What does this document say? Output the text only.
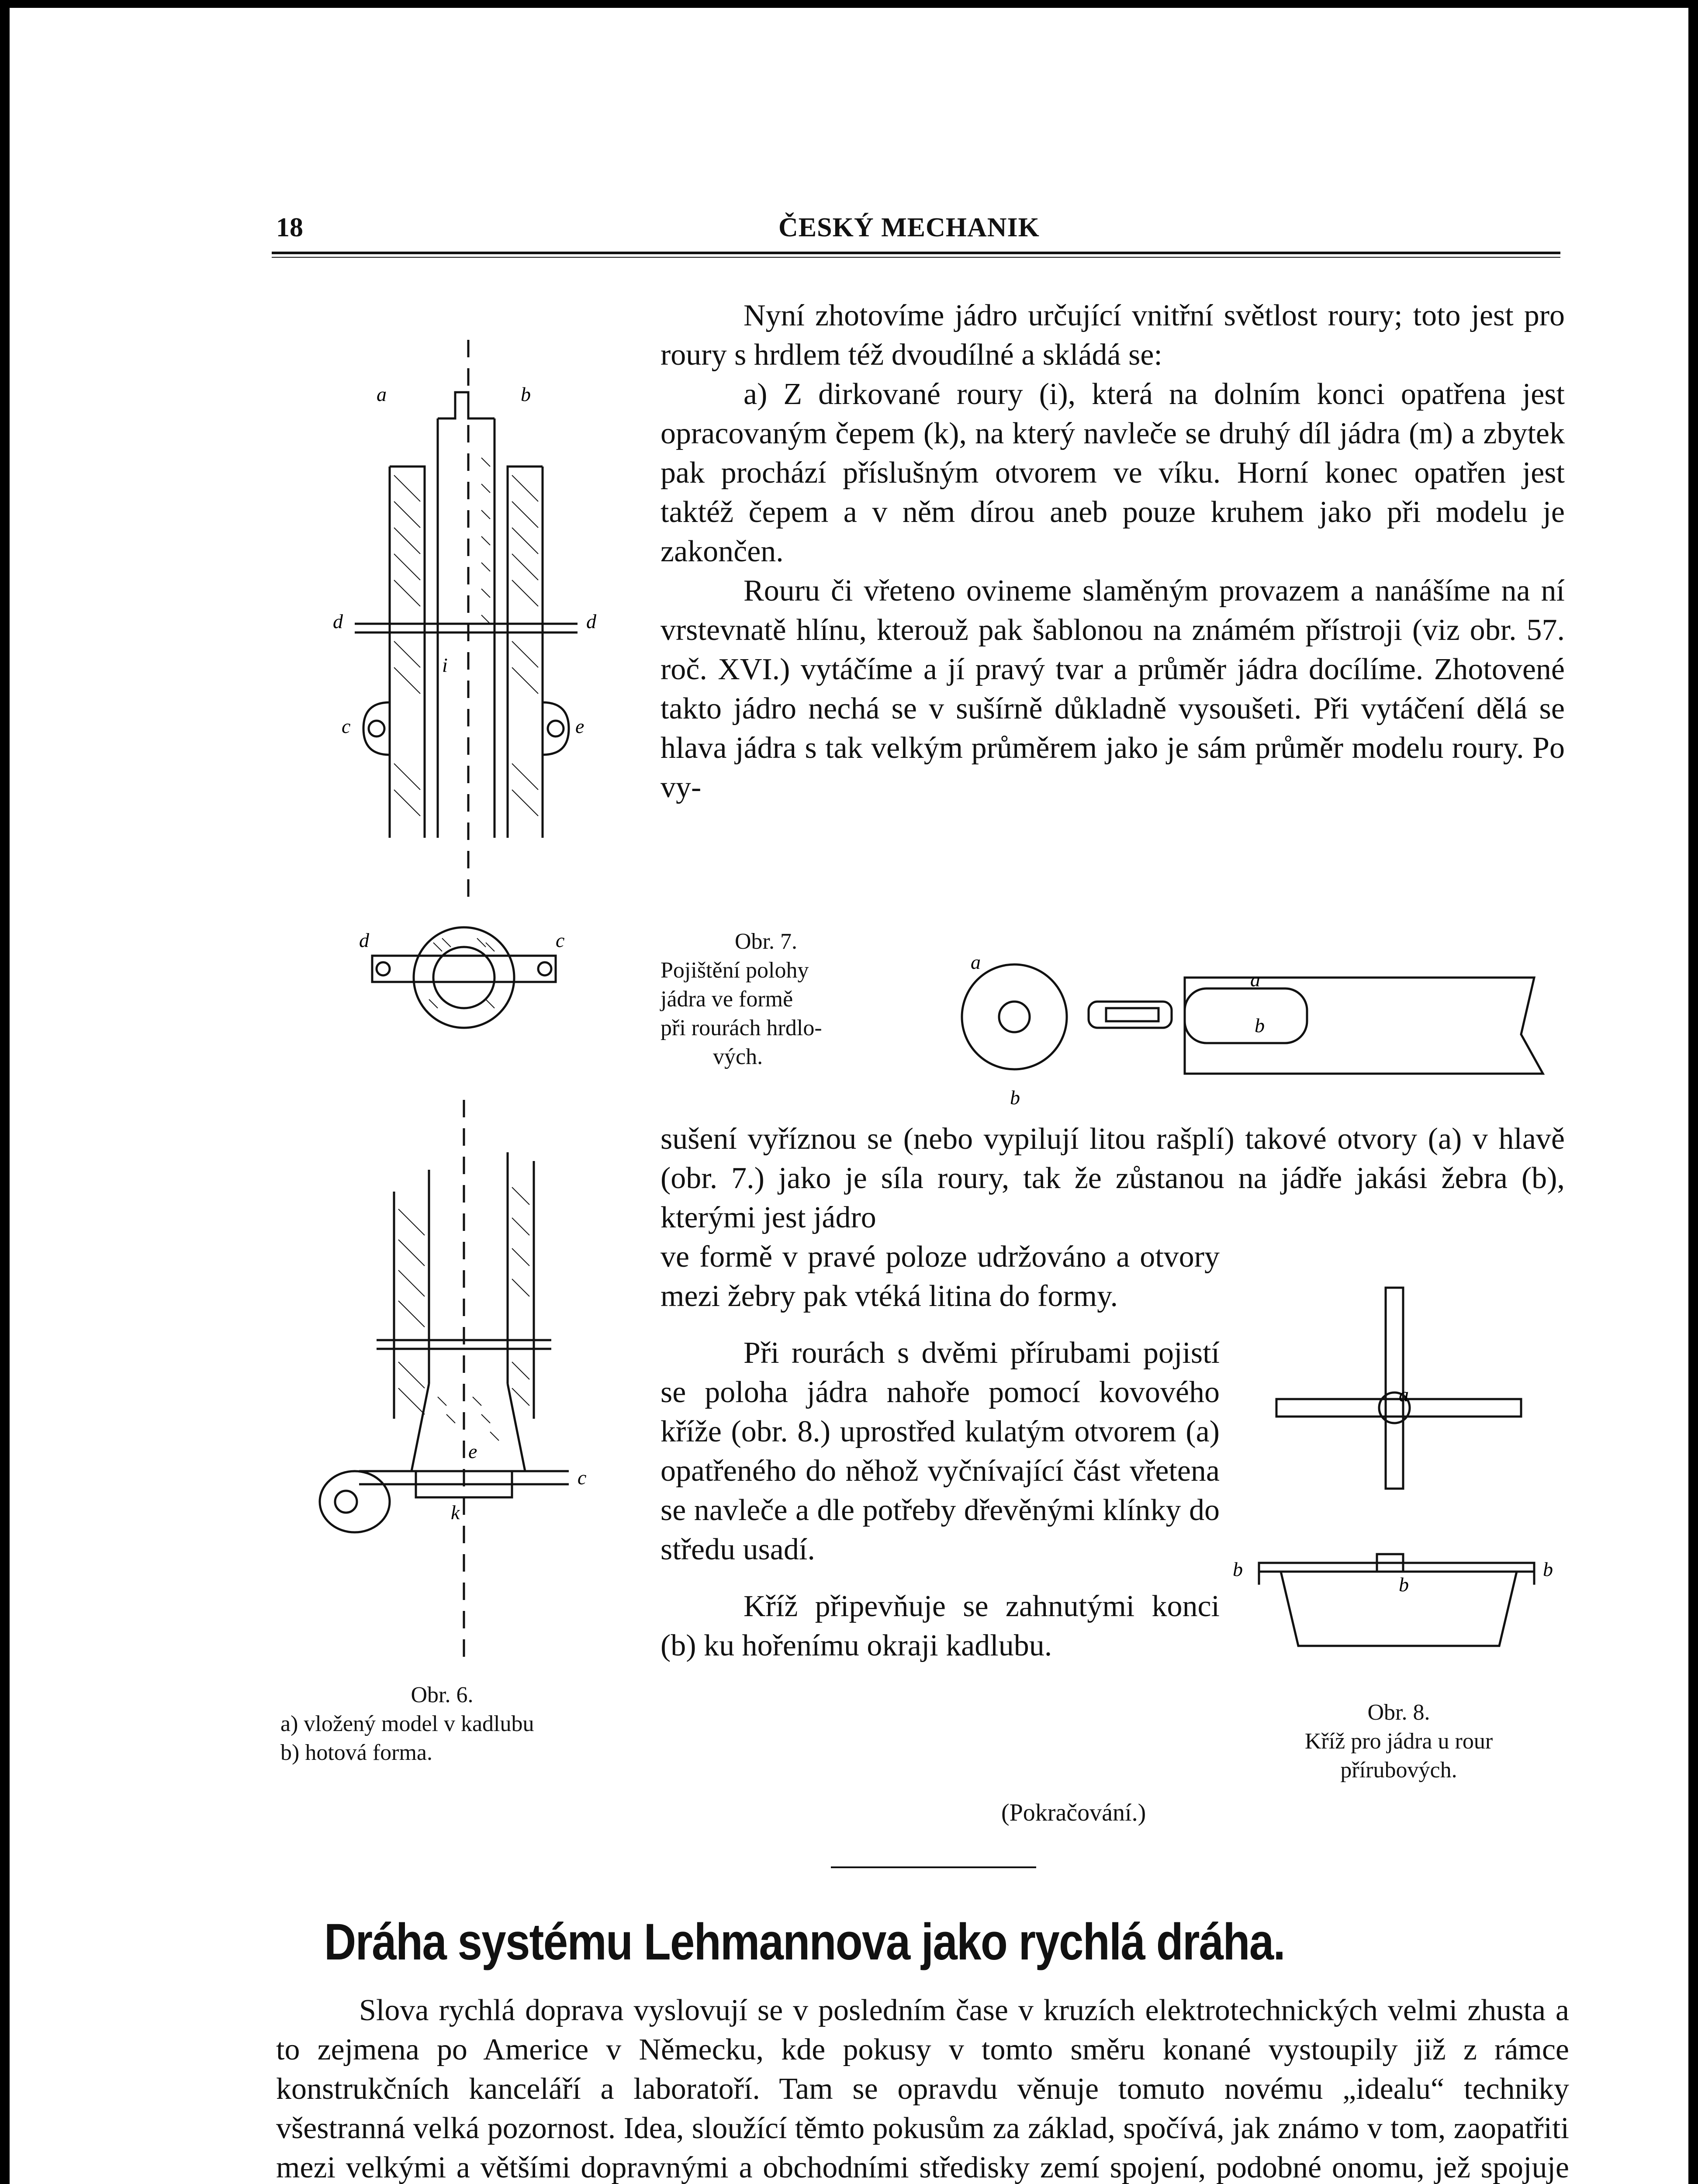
18	ČESKÝ MECHANIK

Nyní zhotovíme jádro určující vnitřní světlost roury; toto jest pro roury s hrdlem též dvoudílné a skládá se:

a) Z dirkované roury (i), která na dolním konci opatřena jest opracovaným čepem (k), na který navleče se druhý díl jádra (m) a zbytek pak prochází příslušným otvorem ve víku. Horní konec opatřen jest taktéž čepem a v něm dírou aneb pouze kruhem jako při modelu je zakončen.

Rouru či vřeteno ovineme slaměným provazem a nanášíme na ní vrstevnatě hlínu, kterouž pak šablonou na známém přístroji (viz obr. 57. roč. XVI.) vytáčíme a jí pravý tvar a průměr jádra docílíme. Zhotovené takto jádro nechá se v sušírně důkladně vysoušeti. Při vytáčení dělá se hlava jádra s tak velkým průměrem jako je sám průměr modelu roury. Po vy-

a	b
d	d
c	e
i
d	c
c
k
e
Obr. 6.
a) vložený model v kadlubu
b) hotová forma.
Obr. 7.
Pojištění polohy
jádra ve formě
při rourách hrdlo-
vých.
a
b
b
a

sušení vyříznou se (nebo vypilují litou rašplí) takové otvory (a) v hlavě (obr. 7.) jako je síla roury, tak že zůstanou na jádře jakási žebra (b), kterými jest jádro

ve formě v pravé poloze udržováno a otvory mezi žebry pak vtéká litina do formy.

Při rourách s dvěmi přírubami pojistí se poloha jádra nahoře pomocí kovového kříže (obr. 8.) uprostřed kulatým otvorem (a) opatřeného do něhož vyčnívající část vřetena se navleče a dle potřeby dřevěnými klínky do středu usadí.

Kříž připevňuje se zahnutými konci (b) ku hořenímu okraji kadlubu.

(Pokračování.)
a
b	b
b
Obr. 8.
Kříž pro jádra u rour
přírubových.
Dráha systému Lehmannova jako rychlá dráha.

Slova rychlá doprava vyslovují se v posledním čase v kruzích elektrotechnických velmi zhusta a to zejmena po Americe v Německu, kde pokusy v tomto směru konané vystoupily již z rámce konstrukčních kanceláří a laboratoří. Tam se opravdu věnuje tomuto novému „idealu“ techniky všestranná velká pozornost. Idea, sloužící těmto pokusům za základ, spočívá, jak známo v tom, zaopatřiti mezi velkými a většími dopravnými a obchodními středisky zemí spojení, podobné onomu, jež spojuje
